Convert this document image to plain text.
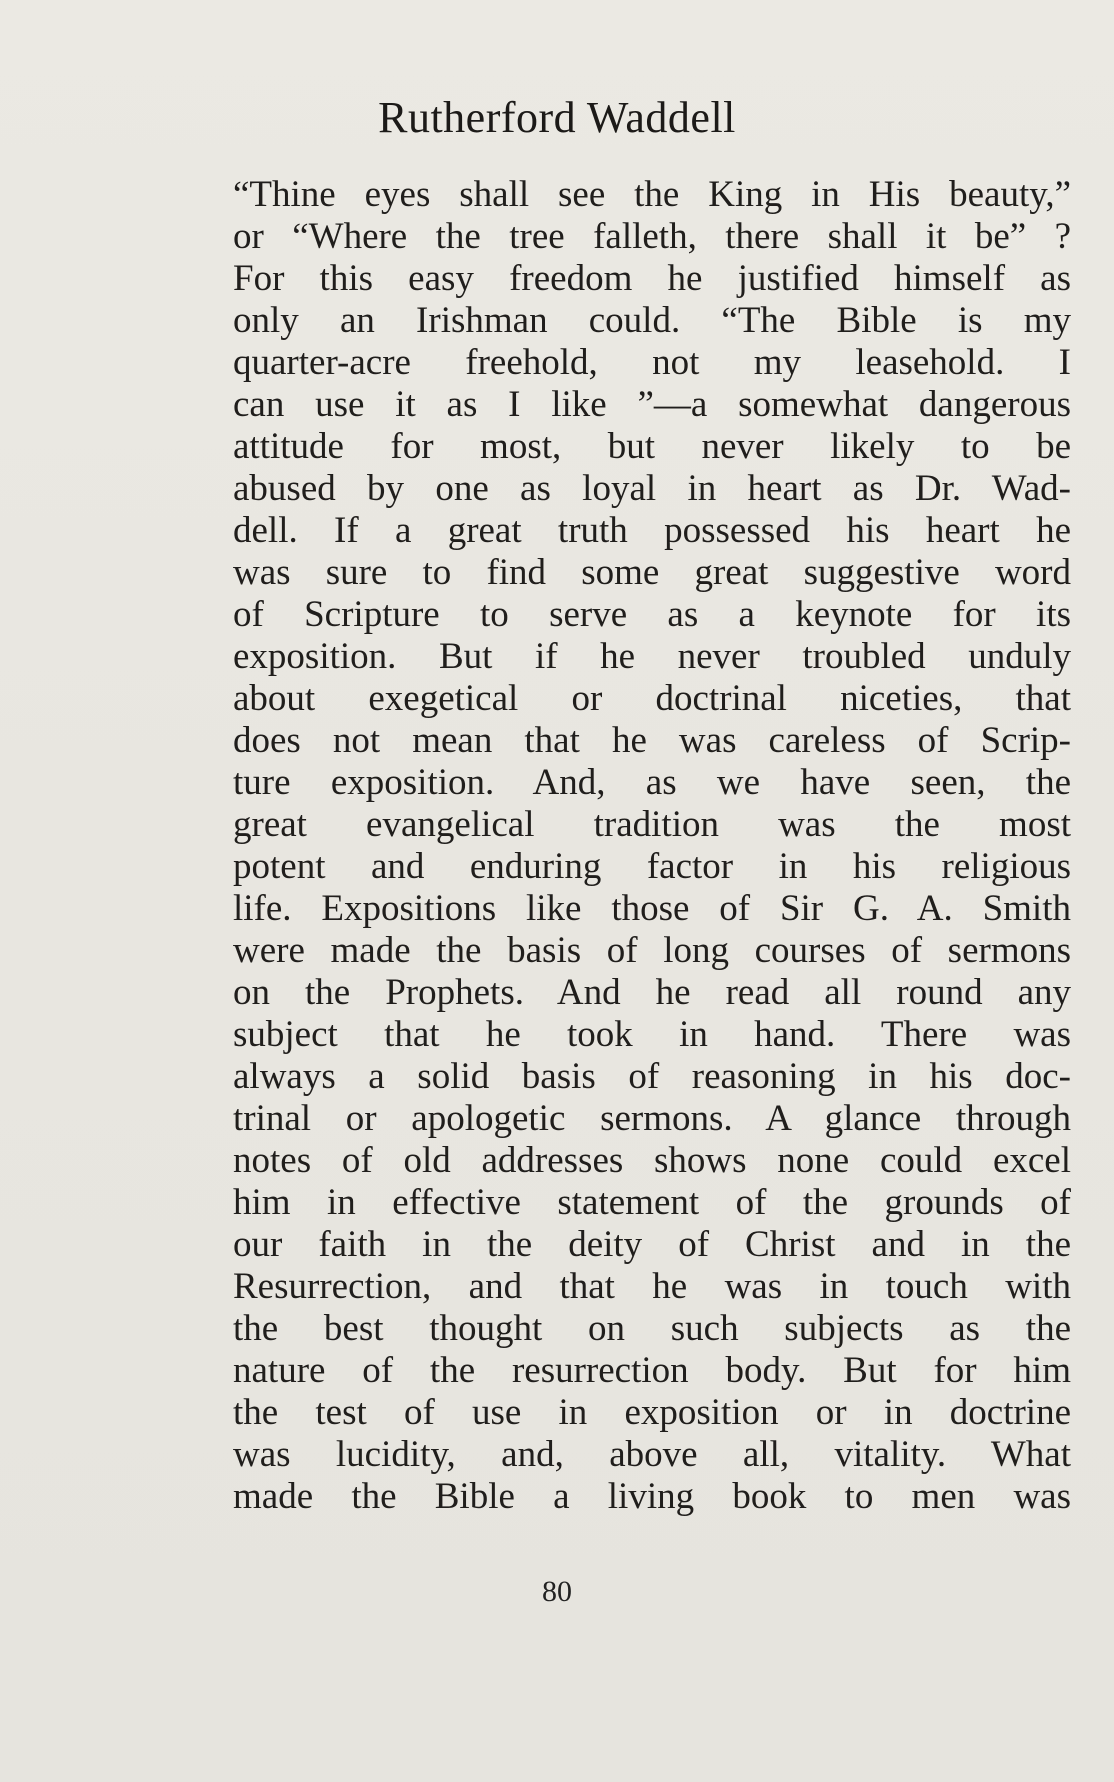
Rutherford Waddell
“Thine eyes shall see the King in His beauty,”
or “Where the tree falleth, there shall it be” ?
For this easy freedom he justified himself as
only an Irishman could. “The Bible is my
quarter-acre freehold, not my leasehold. I
can use it as I like ”—a somewhat dangerous
attitude for most, but never likely to be
abused by one as loyal in heart as Dr. Wad-
dell. If a great truth possessed his heart he
was sure to find some great suggestive word
of Scripture to serve as a keynote for its
exposition. But if he never troubled unduly
about exegetical or doctrinal niceties, that
does not mean that he was careless of Scrip-
ture exposition. And, as we have seen, the
great evangelical tradition was the most
potent and enduring factor in his religious
life. Expositions like those of Sir G. A. Smith
were made the basis of long courses of sermons
on the Prophets. And he read all round any
subject that he took in hand. There was
always a solid basis of reasoning in his doc-
trinal or apologetic sermons. A glance through
notes of old addresses shows none could excel
him in effective statement of the grounds of
our faith in the deity of Christ and in the
Resurrection, and that he was in touch with
the best thought on such subjects as the
nature of the resurrection body. But for him
the test of use in exposition or in doctrine
was lucidity, and, above all, vitality. What
made the Bible a living book to men was
80
